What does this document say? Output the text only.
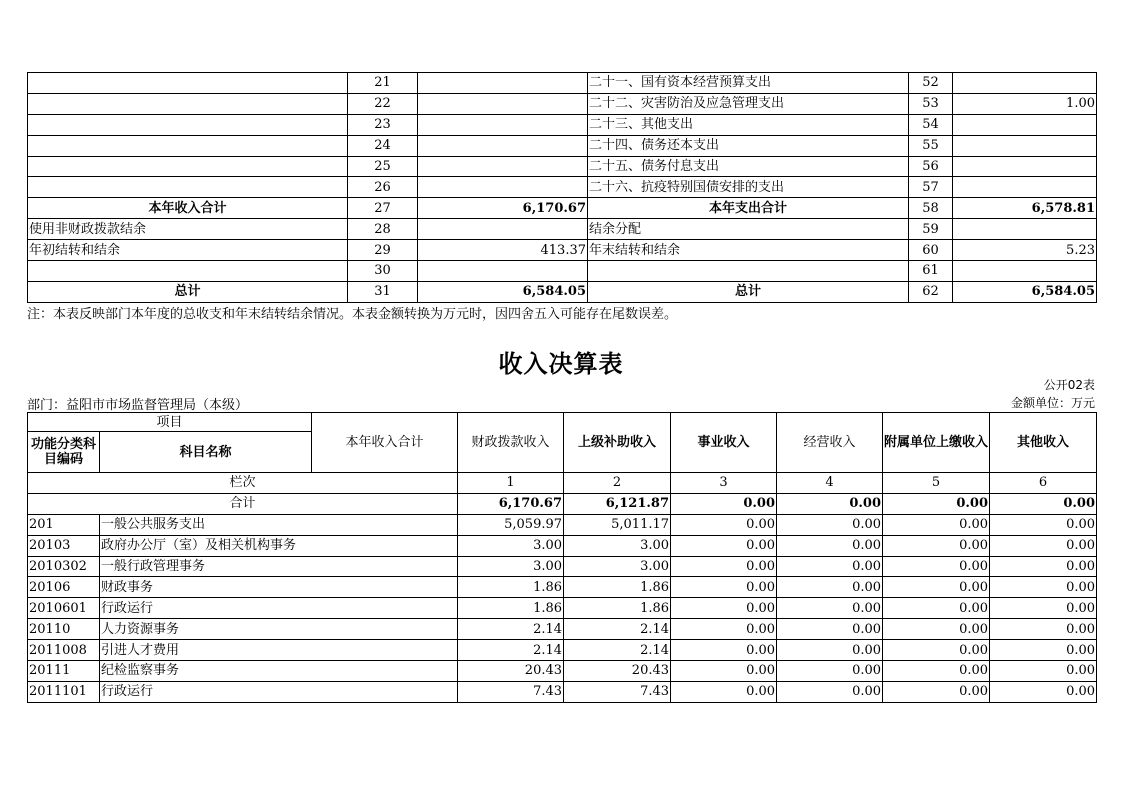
	21		二十一、国有资本经营预算支出	52	
	22		二十二、灾害防治及应急管理支出	53	1.00
	23		二十三、其他支出	54	
	24		二十四、债务还本支出	55	
	25		二十五、债务付息支出	56	
	26		二十六、抗疫特别国债安排的支出	57	
本年收入合计	27	6,170.67	本年支出合计	58	6,578.81
使用非财政拨款结余	28		结余分配	59	
年初结转和结余	29	413.37	年末结转和结余	60	5.23
	30			61	
总计	31	6,584.05	总计	62	6,584.05
注：本表反映部门本年度的总收支和年末结转结余情况。本表金额转换为万元时，因四舍五入可能存在尾数误差。
收入决算表
公开02表
部门：益阳市市场监督管理局（本级）	金额单位：万元
项目		本年收入合计	财政拨款收入	上级补助收入	事业收入	经营收入	附属单位上缴收入	其他收入	
功能分类科目编码	科目名称								
栏次			1	2	3	4	5	6	
合计			6,170.67	6,121.87	0.00	0.00	0.00	0.00	
201	一般公共服务支出		5,059.97	5,011.17	0.00	0.00	0.00	0.00	
20103	政府办公厅（室）及相关机构事务		3.00	3.00	0.00	0.00	0.00	0.00	
2010302	一般行政管理事务		3.00	3.00	0.00	0.00	0.00	0.00	
20106	财政事务		1.86	1.86	0.00	0.00	0.00	0.00	
2010601	行政运行		1.86	1.86	0.00	0.00	0.00	0.00	
20110	人力资源事务		2.14	2.14	0.00	0.00	0.00	0.00	
2011008	引进人才费用		2.14	2.14	0.00	0.00	0.00	0.00	
20111	纪检监察事务		20.43	20.43	0.00	0.00	0.00	0.00	
2011101	行政运行		7.43	7.43	0.00	0.00	0.00	0.00	
